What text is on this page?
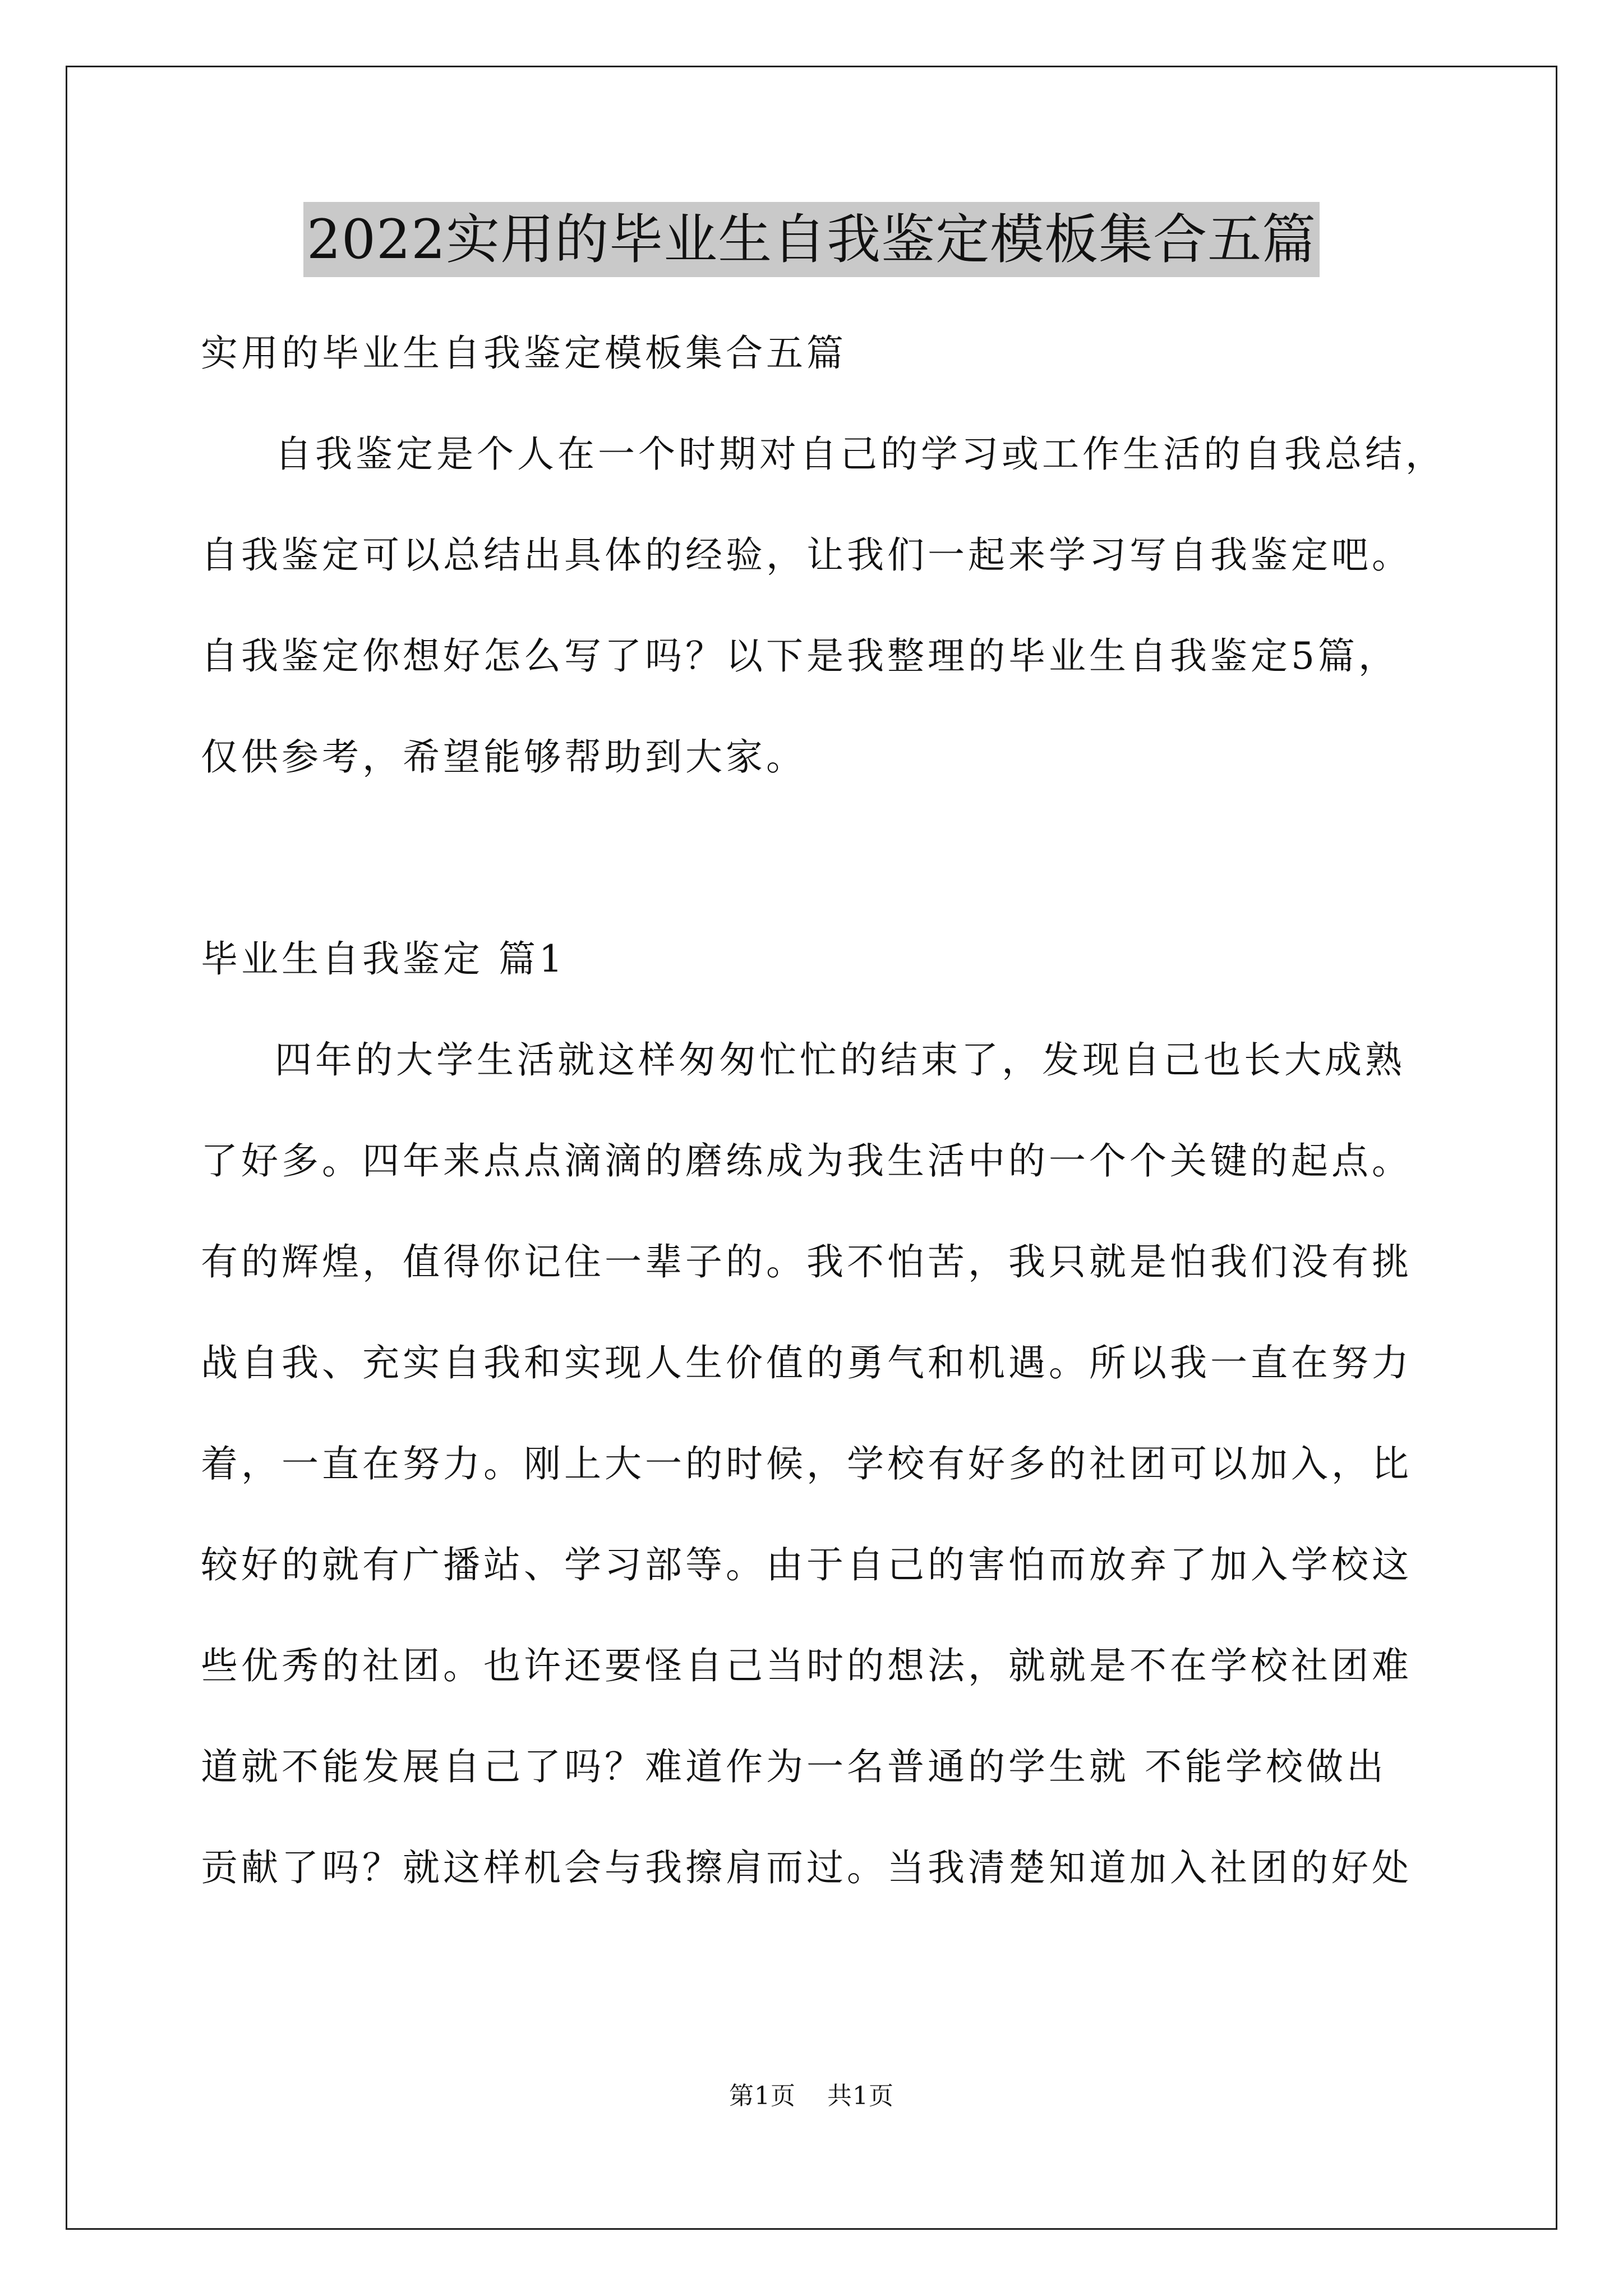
2022实用的毕业生自我鉴定模板集合五篇
实用的毕业生自我鉴定模板集合五篇
自我鉴定是个人在一个时期对自己的学习或工作生活的自我总结，
自我鉴定可以总结出具体的经验，让我们一起来学习写自我鉴定吧。
自我鉴定你想好怎么写了吗？以下是我整理的毕业生自我鉴定5篇，
仅供参考，希望能够帮助到大家。
毕业生自我鉴定 篇1
四年的大学生活就这样匆匆忙忙的结束了，发现自己也长大成熟
了好多。四年来点点滴滴的磨练成为我生活中的一个个关键的起点。
有的辉煌，值得你记住一辈子的。我不怕苦，我只就是怕我们没有挑
战自我、充实自我和实现人生价值的勇气和机遇。所以我一直在努力
着，一直在努力。刚上大一的时候，学校有好多的社团可以加入，比
较好的就有广播站、学习部等。由于自己的害怕而放弃了加入学校这
些优秀的社团。也许还要怪自己当时的想法，就就是不在学校社团难
道就不能发展自己了吗？难道作为一名普通的学生就 不能学校做出
贡献了吗？就这样机会与我擦肩而过。当我清楚知道加入社团的好处
第1页 共1页
